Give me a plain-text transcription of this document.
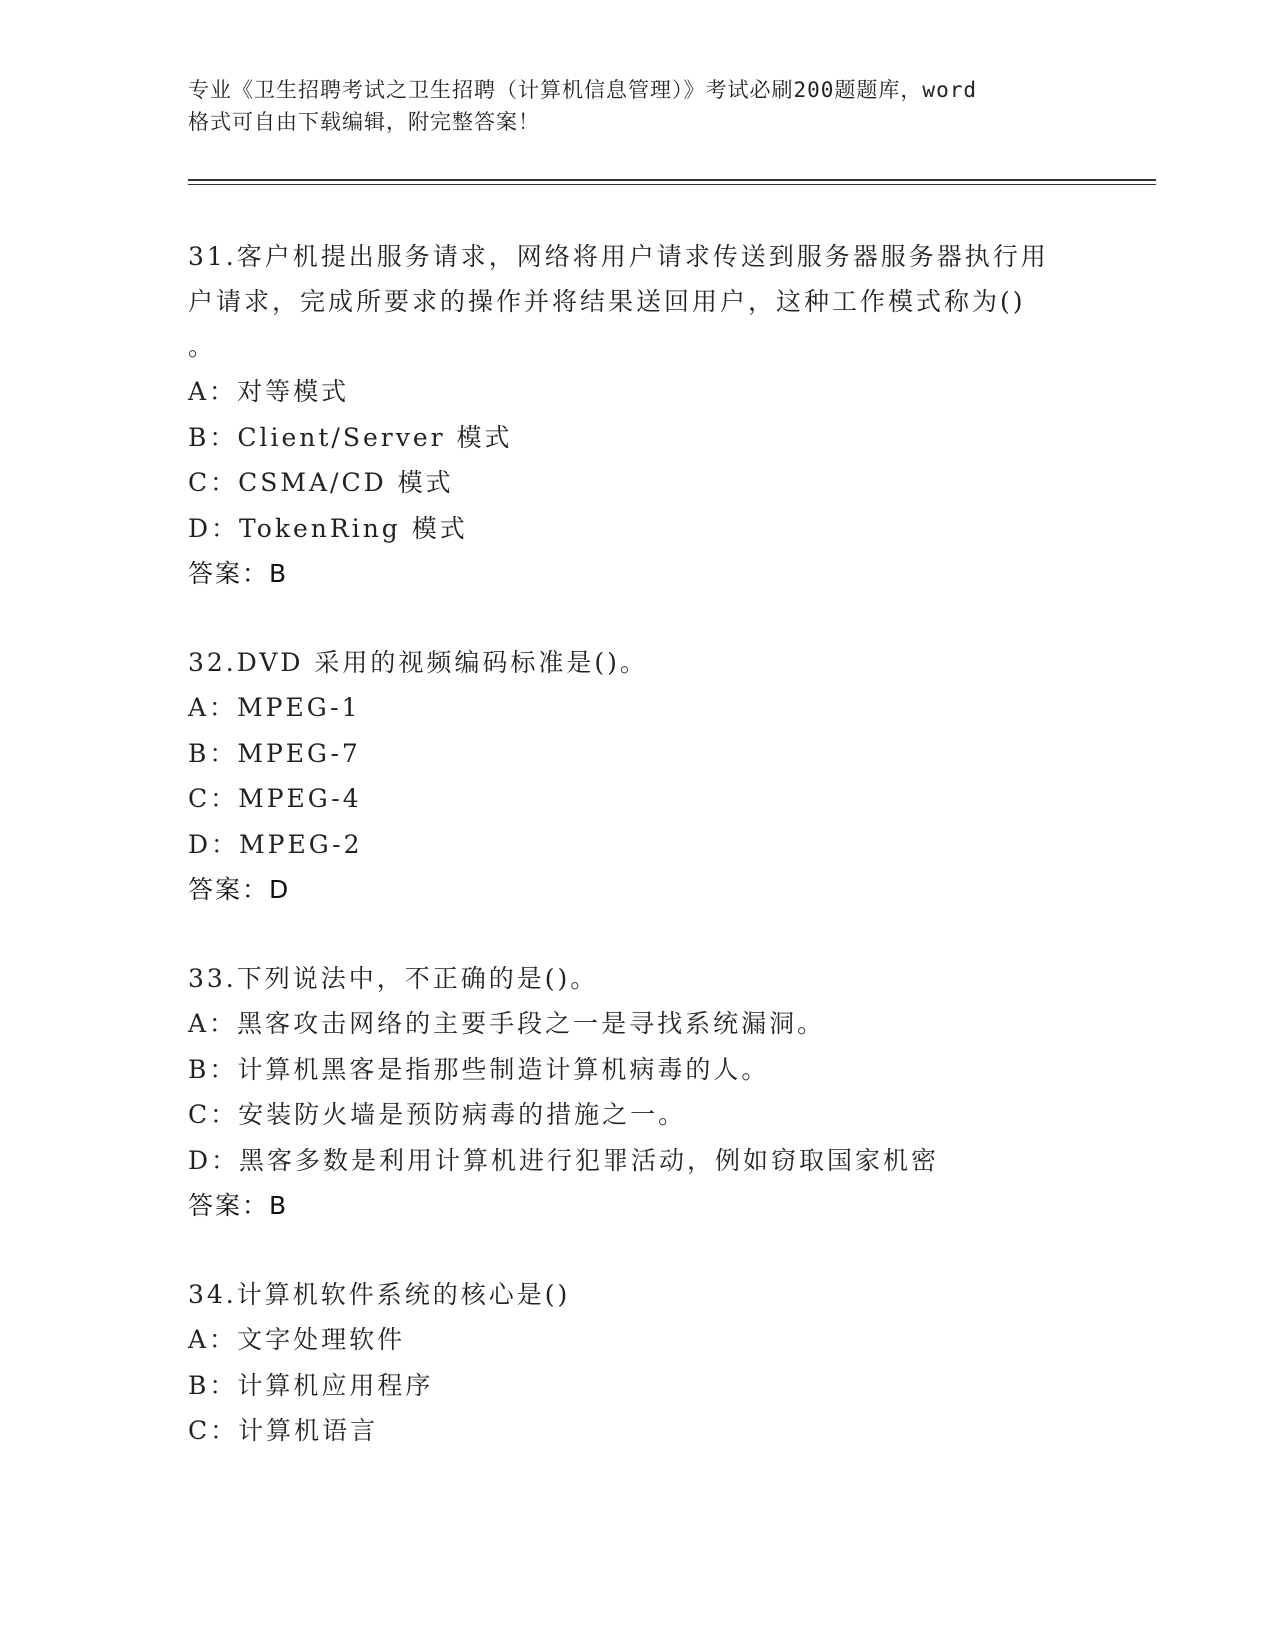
专业《卫生招聘考试之卫生招聘（计算机信息管理）》考试必刷200题题库，word
格式可自由下载编辑，附完整答案！
31.客户机提出服务请求，网络将用户请求传送到服务器服务器执行用
户请求，完成所要求的操作并将结果送回用户，这种工作模式称为()
。
A：对等模式
B：Client/Server 模式
C：CSMA/CD 模式
D：TokenRing 模式
答案：B
32.DVD 采用的视频编码标准是()。
A：MPEG-1
B：MPEG-7
C：MPEG-4
D：MPEG-2
答案：D
33.下列说法中，不正确的是()。
A：黑客攻击网络的主要手段之一是寻找系统漏洞。
B：计算机黑客是指那些制造计算机病毒的人。
C：安装防火墙是预防病毒的措施之一。
D：黑客多数是利用计算机进行犯罪活动，例如窃取国家机密
答案：B
34.计算机软件系统的核心是()
A：文字处理软件
B：计算机应用程序
C：计算机语言
